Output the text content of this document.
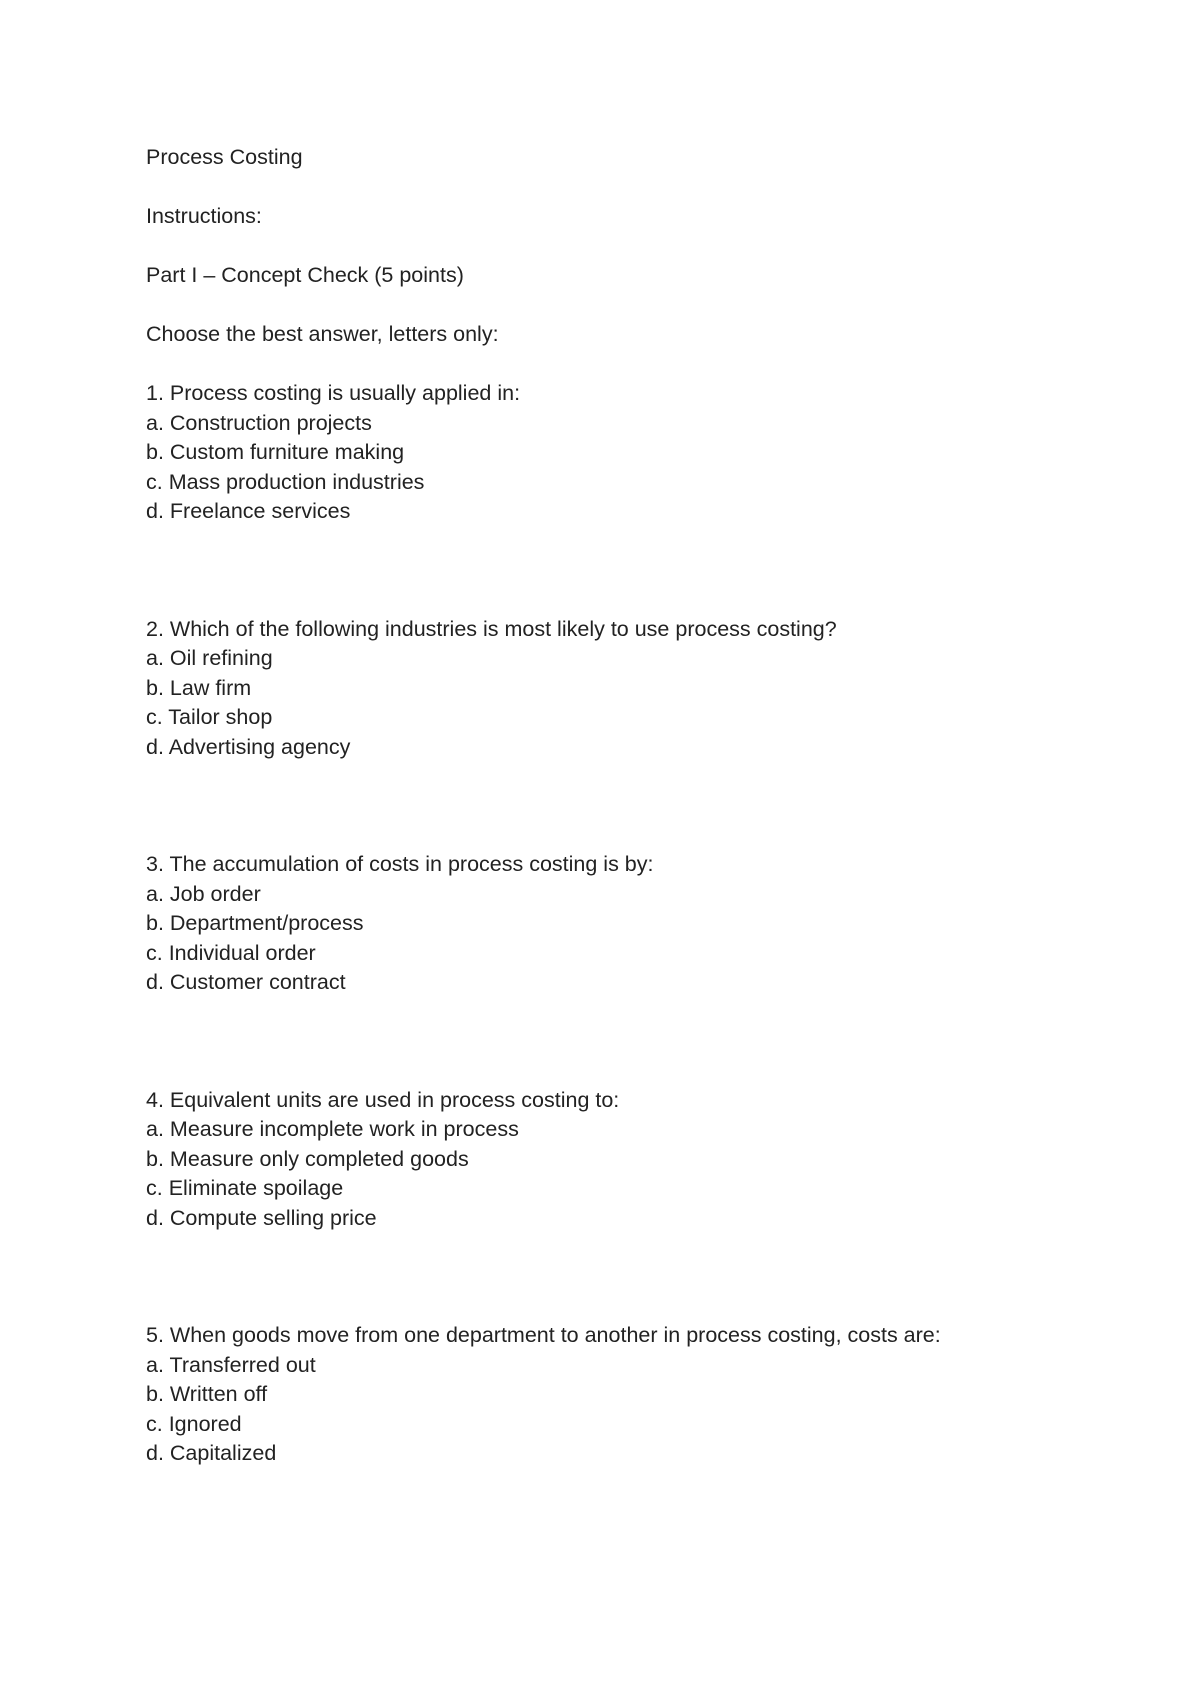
Process Costing

Instructions:

Part I – Concept Check (5 points)

Choose the best answer, letters only:

1. Process costing is usually applied in:

a. Construction projects

b. Custom furniture making

c. Mass production industries

d. Freelance services

2. Which of the following industries is most likely to use process costing?

a. Oil refining

b. Law firm

c. Tailor shop

d. Advertising agency

3. The accumulation of costs in process costing is by:

a. Job order

b. Department/process

c. Individual order

d. Customer contract

4. Equivalent units are used in process costing to:

a. Measure incomplete work in process

b. Measure only completed goods

c. Eliminate spoilage

d. Compute selling price

5. When goods move from one department to another in process costing, costs are:

a. Transferred out

b. Written off

c. Ignored

d. Capitalized
